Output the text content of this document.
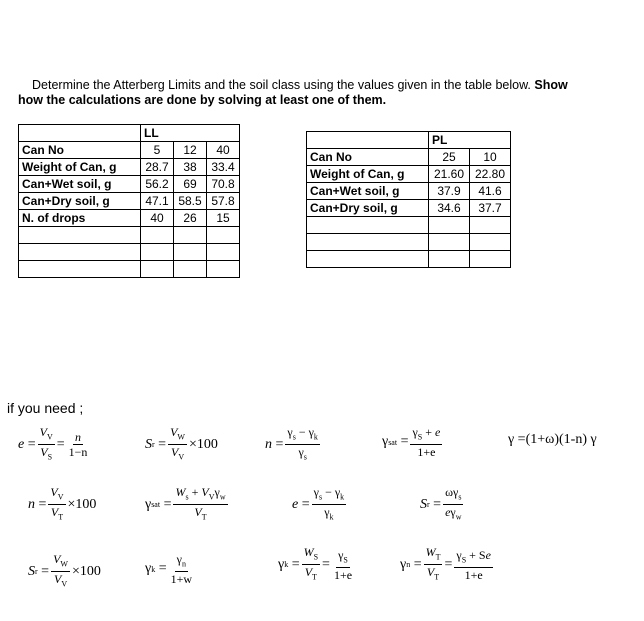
Determine the Atterberg Limits and the soil class using the values given in the table below. Show
how the calculations are done by solving at least one of them.
	LL		
Can No	5	12	40
Weight of Can, g	28.7	38	33.4
Can+Wet soil, g	56.2	69	70.8
Can+Dry soil, g	47.1	58.5	57.8
N. of drops	40	26	15

	PL	
Can No	25	10
Weight of Can, g	21.60	22.80
Can+Wet soil, g	37.9	41.6
Can+Dry soil, g	34.6	37.7

if you need ;
$e = \frac{V_V}{V_S} = \frac{n}{1-n}$	S $r = \frac{V_W}{V_V} \times 100$	$n = \frac{\gamma_s - \gamma_k}{\gamma_s}$	γ sat = $\frac{\gamma_S + e}{1+e}$	γ =(1+ω)(1-n) γ
$n = \frac{V_V}{V_T} \times 100$	γ sat = $\frac{W_s + V_V\gamma_w}{V_T}$	$e = \frac{\gamma_s - \gamma_k}{\gamma_k}$	S $r = \frac{\omega\gamma_s}{e\gamma_w}$
S $r = \frac{V_W}{V_V} \times 100$	γ $k = \frac{\gamma_n}{1+w}$	γ $k = \frac{W_S}{V_T} = \frac{\gamma_S}{1+e}$	γ $n = \frac{W_T}{V_T} = \frac{\gamma_S + Se}{1+e}$
